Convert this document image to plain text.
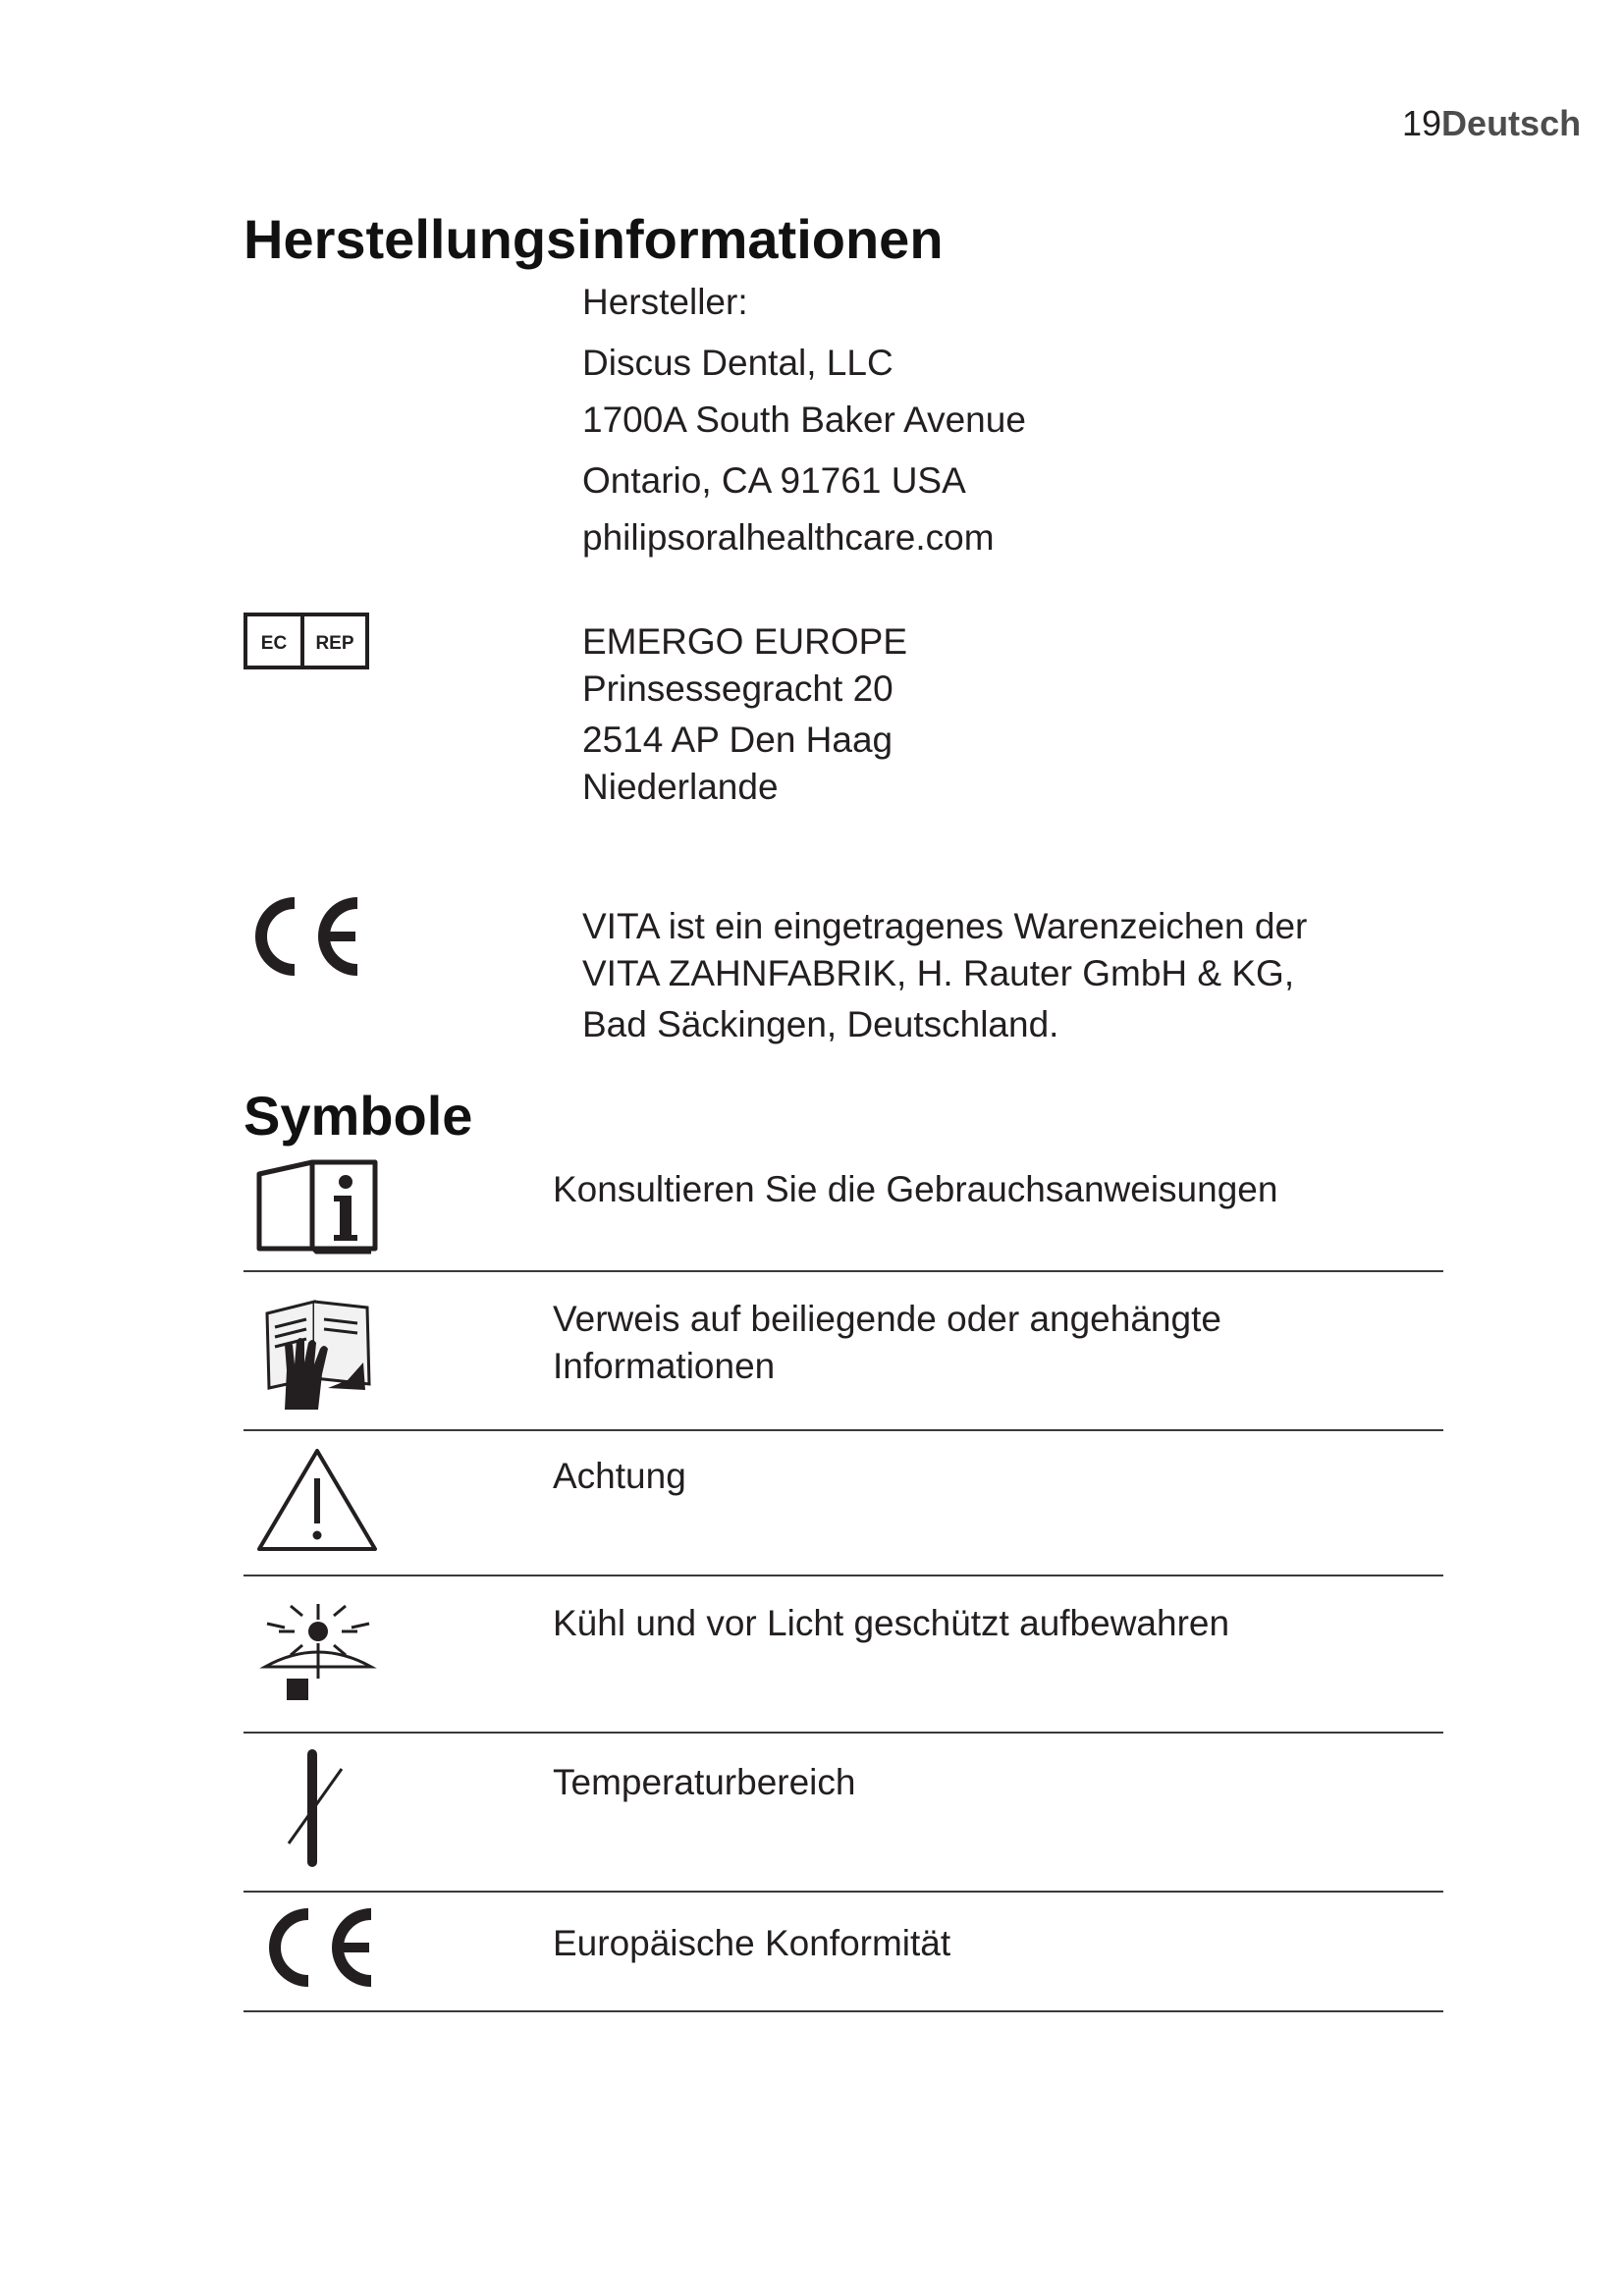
19Deutsch
Herstellungsinformationen
Hersteller:
Discus Dental, LLC
1700A South Baker Avenue
Ontario, CA 91761 USA
philipsoralhealthcare.com
EC REP	EMERGO EUROPE
Prinsessegracht 20
2514 AP Den Haag
Niederlande
VITA ist ein eingetragenes Warenzeichen der
VITA ZAHNFABRIK, H. Rauter GmbH & KG,
Bad Säckingen, Deutschland.
Symbole
Konsultieren Sie die Gebrauchsanweisungen
Verweis auf beiliegende oder angehängte
Informationen
Achtung
Kühl und vor Licht geschützt aufbewahren
Temperaturbereich
Europäische Konformität
